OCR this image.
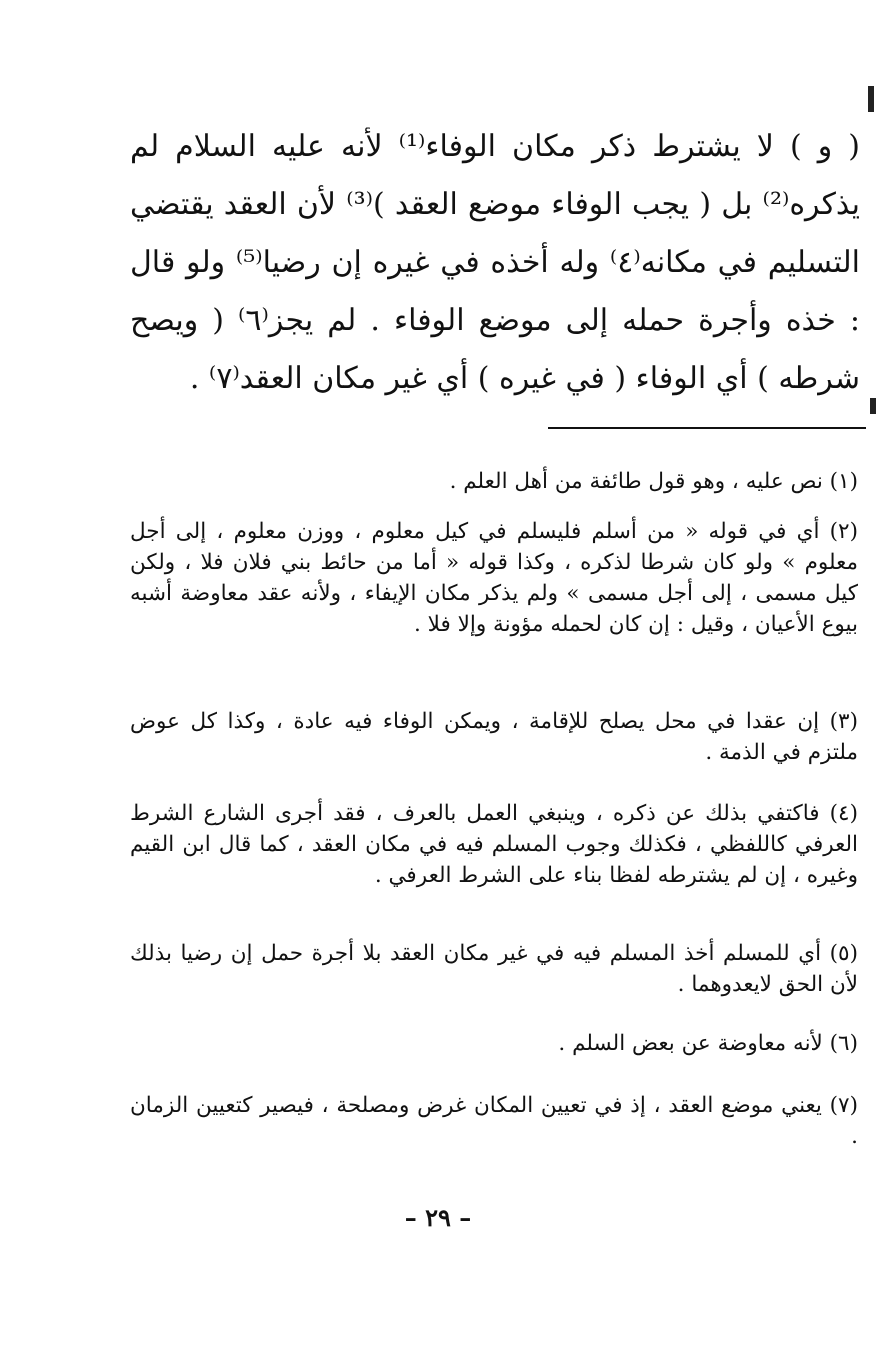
( و ) لا يشترط ذكر مكان الوفاء⁽¹⁾ لأنه عليه السلام لم يذكره⁽²⁾ بل ( يجب الوفاء موضع العقد )⁽³⁾ لأن العقد يقتضي التسليم في مكانه⁽٤⁾ وله أخذه في غيره إن رضيا⁽⁵⁾ ولو قال : خذه وأجرة حمله إلى موضع الوفاء . لم يجز⁽٦⁾ ( ويصح شرطه ) أي الوفاء ( في غيره ) أي غير مكان العقد⁽٧⁾ .

(١) نص عليه ، وهو قول طائفة من أهل العلم .

(٢) أي في قوله « من أسلم فليسلم في كيل معلوم ، ووزن معلوم ، إلى أجل معلوم » ولو كان شرطا لذكره ، وكذا قوله « أما من حائط بني فلان فلا ، ولكن كيل مسمى ، إلى أجل مسمى » ولم يذكر مكان الإيفاء ، ولأنه عقد معاوضة أشبه بيوع الأعيان ، وقيل : إن كان لحمله مؤونة وإلا فلا .

(٣) إن عقدا في محل يصلح للإقامة ، ويمكن الوفاء فيه عادة ، وكذا كل عوض ملتزم في الذمة .

(٤) فاكتفي بذلك عن ذكره ، وينبغي العمل بالعرف ، فقد أجرى الشارع الشرط العرفي كاللفظي ، فكذلك وجوب المسلم فيه في مكان العقد ، كما قال ابن القيم وغيره ، إن لم يشترطه لفظا بناء على الشرط العرفي .

(٥) أي للمسلم أخذ المسلم فيه في غير مكان العقد بلا أجرة حمل إن رضيا بذلك لأن الحق لايعدوهما .

(٦) لأنه معاوضة عن بعض السلم .

(٧) يعني موضع العقد ، إذ في تعيين المكان غرض ومصلحة ، فيصير كتعيين الزمان .

– ٢٩ –
